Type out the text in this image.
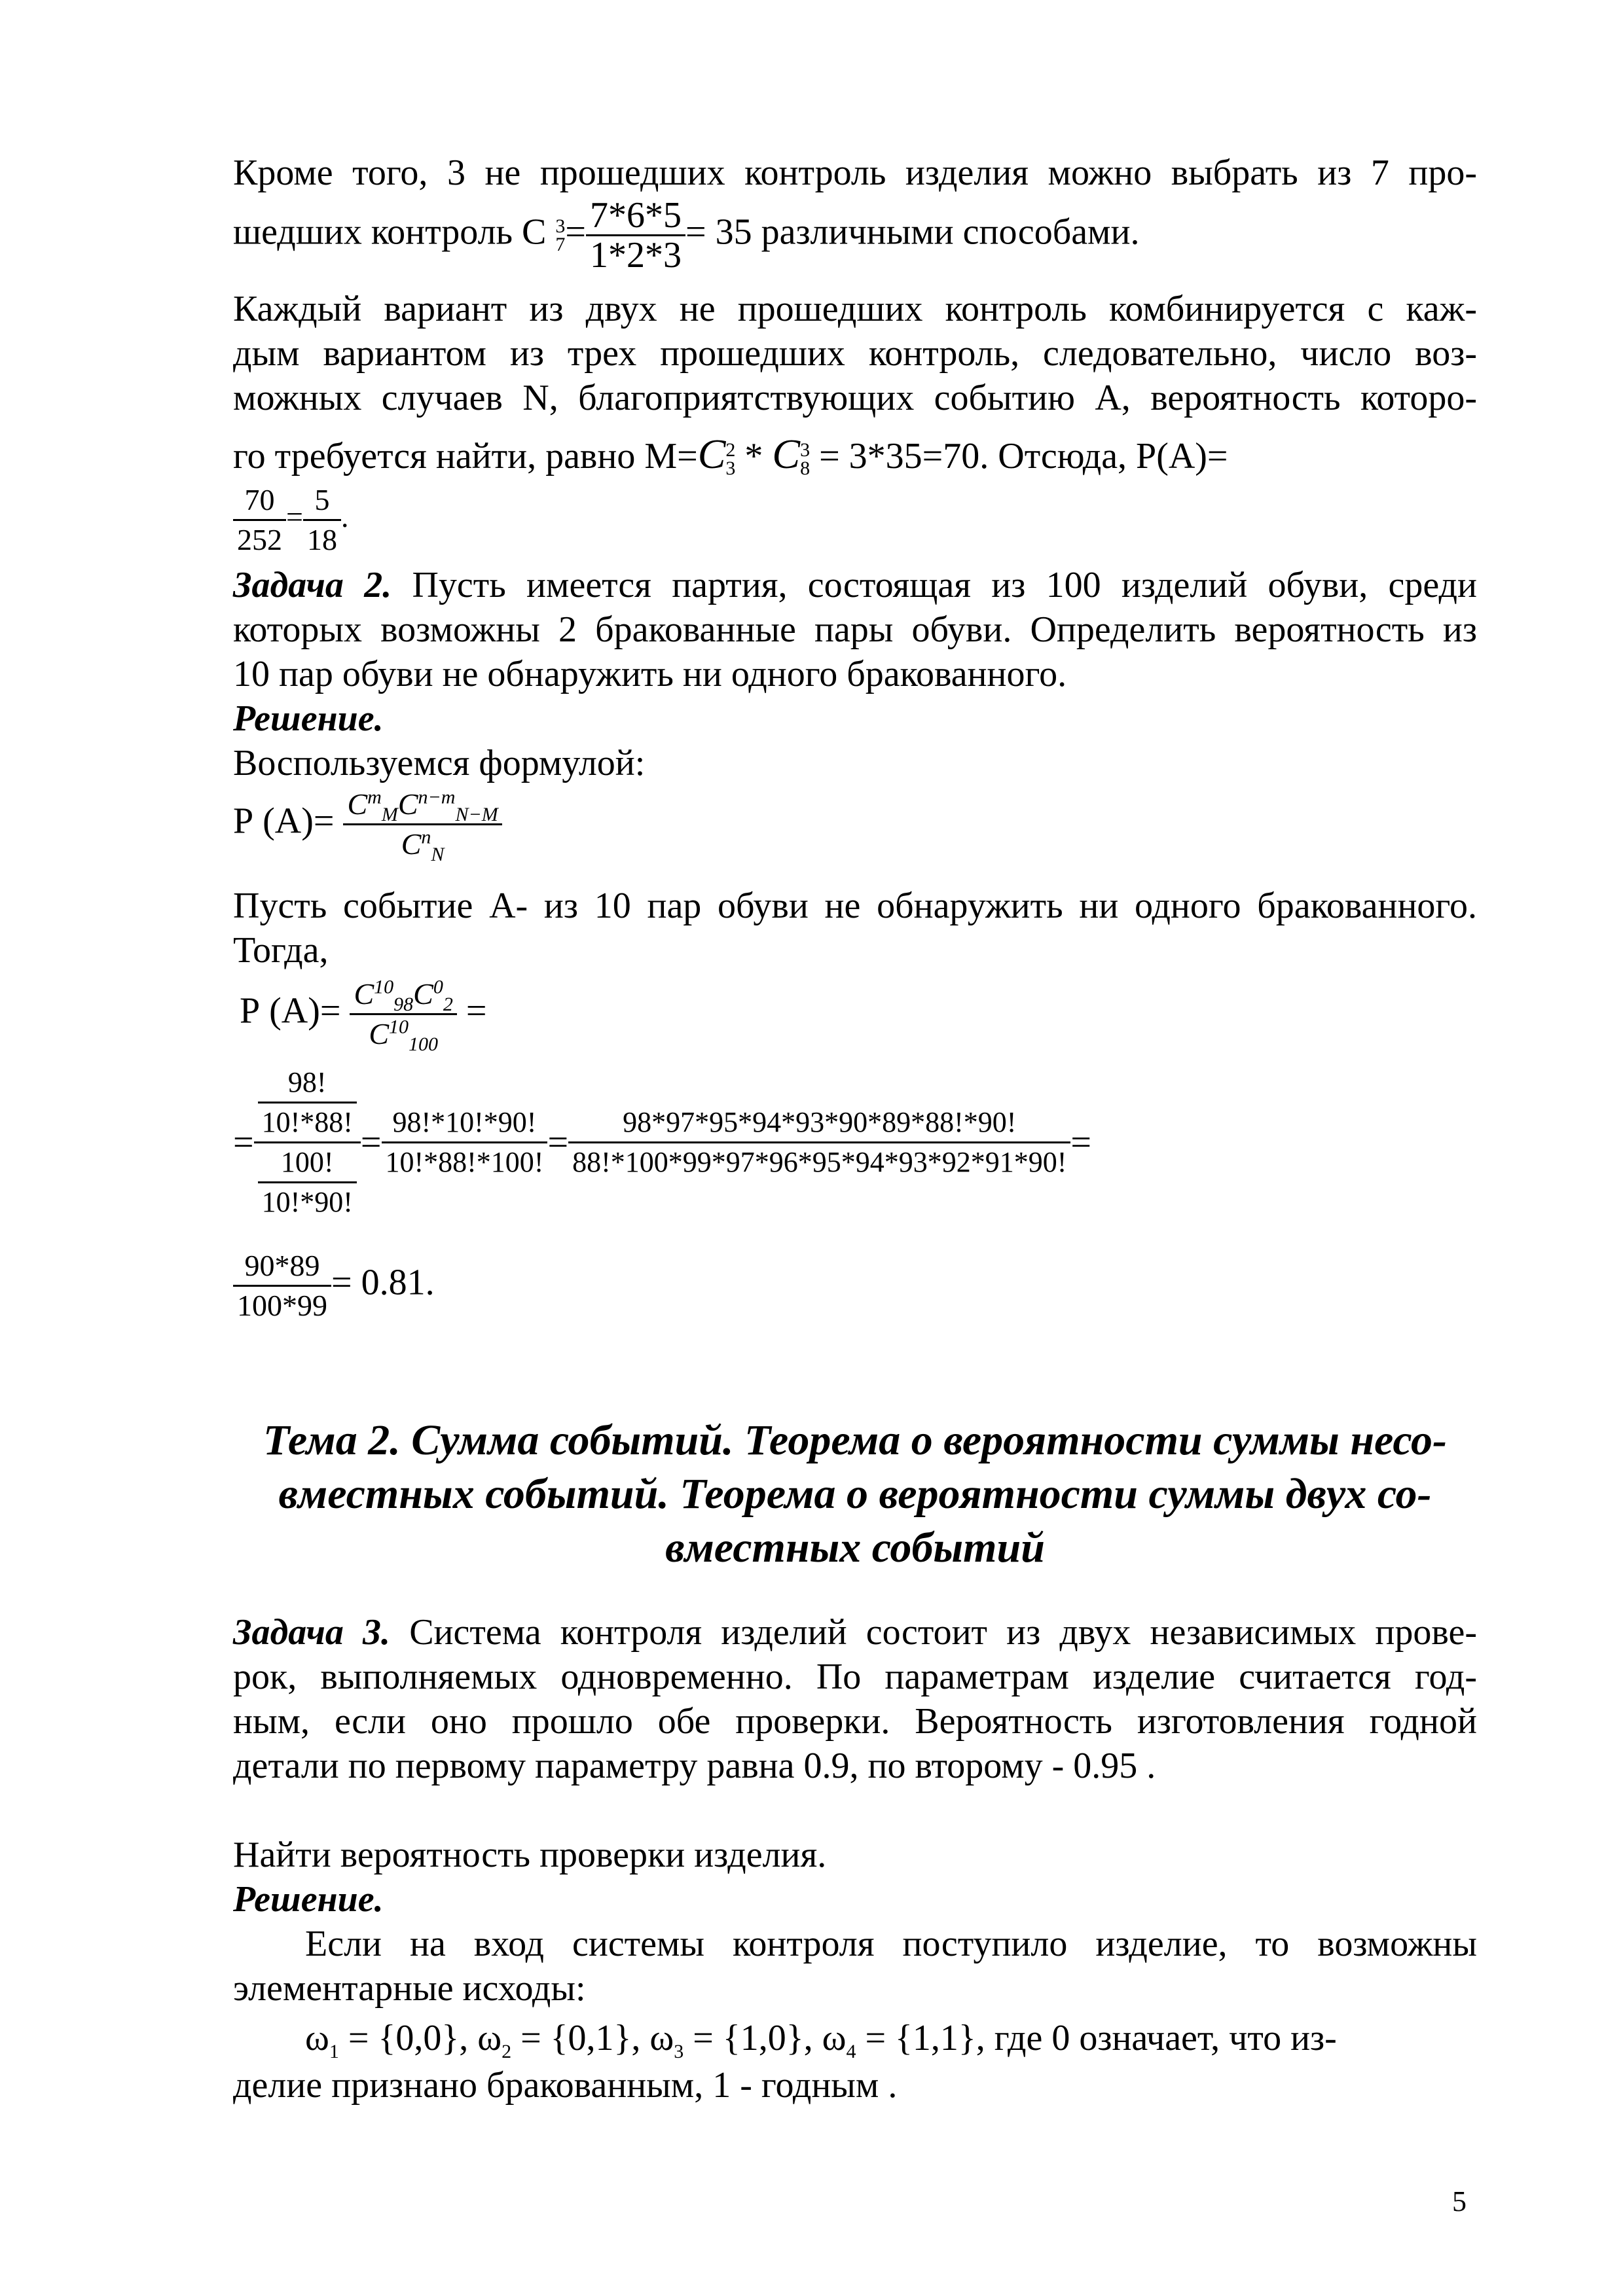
Кроме того, 3 не прошедших контроль изделия можно выбрать из 7 про-
шедших контроль С 3
$7 = \frac{7*6*5}{1*2*3} = 35$ различными способами.
Каждый вариант из двух не прошедших контроль комбинируется с каж-
дым вариантом из трех прошедших контроль, следовательно, число воз-
можных случаев N, благоприятствующих событию А, вероятность которо-
го требуется найти, равно М=C 2
3 * C 3
8 = 3*35=70. Отсюда, Р(А)=
$\frac{70}{252} = \frac{5}{18}$ .
Задача 2. Пусть имеется партия, состоящая из 100 изделий обуви, среди
которых возможны 2 бракованные пары обуви. Определить вероятность из
10 пар обуви не обнаружить ни одного бракованного.
Решение.
Воспользуемся формулой:
Р $(А)= \frac{C^m_MC^{n-m}_{N-M}}{C^n_N}$
Пусть событие А- из 10 пар обуви не обнаружить ни одного бракованного.
Тогда,
Р $(А)= \frac{C^{10}_{98}C^0_2}{C^{10}_{100}}$ =
= $\frac{\frac{98!}{10!*88!}}{\frac{100!}{10!*90!}} = \frac{98!*10!*90!}{10!*88!*100!} = \frac{98*97*95*94*93*90*89*88!*90!}{88!*100*99*97*96*95*94*93*92*91*90!}$ =
$\frac{90*89}{100*99} = 0.81$.
Тема 2. Сумма событий. Теорема о вероятности суммы несо-
вместных событий. Теорема о вероятности суммы двух со-
вместных событий
Задача 3. Система контроля изделий состоит из двух независимых прове-
рок, выполняемых одновременно. По параметрам изделие считается год-
ным, если оно прошло обе проверки. Вероятность изготовления годной
детали по первому параметру равна 0.9, по второму - 0.95 .
Найти вероятность проверки изделия.
Решение.
Если на вход системы контроля поступило изделие, то возможны
элементарные исходы:
$\omega_1 = \{0,0\}$, $\omega_2 = \{0,1\}$, $\omega_3 = \{1,0\}$, $\omega_4 = \{1,1\}$, где 0 означает, что из-
делие признано бракованным, 1 - годным .
5
